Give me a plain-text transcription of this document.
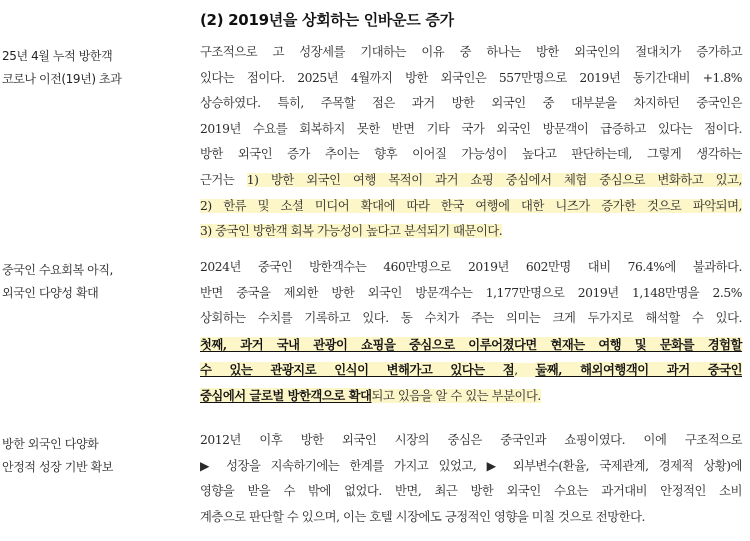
(2) 2019년을 상회하는 인바운드 증가
25년 4월 누적 방한객
코로나 이전(19년) 초과
구조적으로 고 성장세를 기대하는 이유 중 하나는 방한 외국인의 절대치가 증가하고
있다는 점이다. 2025년 4월까지 방한 외국인은 557만명으로 2019년 동기간대비 +1.8%
상승하였다. 특히, 주목할 점은 과거 방한 외국인 중 대부분을 차지하던 중국인은
2019년 수요를 회복하지 못한 반면 기타 국가 외국인 방문객이 급증하고 있다는 점이다.
방한 외국인 증가 추이는 향후 이어질 가능성이 높다고 판단하는데, 그렇게 생각하는
근거는 1) 방한 외국인 여행 목적이 과거 쇼핑 중심에서 체험 중심으로 변화하고 있고,
2) 한류 및 소셜 미디어 확대에 따라 한국 여행에 대한 니즈가 증가한 것으로 파악되며,
3) 중국인 방한객 회복 가능성이 높다고 분석되기 때문이다.
중국인 수요회복 아직,
외국인 다양성 확대
2024년 중국인 방한객수는 460만명으로 2019년 602만명 대비 76.4%에 불과하다.
반면 중국을 제외한 방한 외국인 방문객수는 1,177만명으로 2019년 1,148만명을 2.5%
상회하는 수치를 기록하고 있다. 동 수치가 주는 의미는 크게 두가지로 해석할 수 있다.
첫째, 과거 국내 관광이 쇼핑을 중심으로 이루어졌다면 현재는 여행 및 문화를 경험할
수 있는 관광지로 인식이 변해가고 있다는 점, 둘째, 해외여행객이 과거 중국인
중심에서 글로벌 방한객으로 확대되고 있음을 알 수 있는 부분이다.
방한 외국인 다양화
안정적 성장 기반 확보
2012년 이후 방한 외국인 시장의 중심은 중국인과 쇼핑이였다. 이에 구조적으로
▶ 성장을 지속하기에는 한계를 가지고 있었고, ▶ 외부변수(환율, 국제관계, 경제적 상황)에
영향을 받을 수 밖에 없었다. 반면, 최근 방한 외국인 수요는 과거대비 안정적인 소비
계층으로 판단할 수 있으며, 이는 호텔 시장에도 긍정적인 영향을 미칠 것으로 전망한다.
